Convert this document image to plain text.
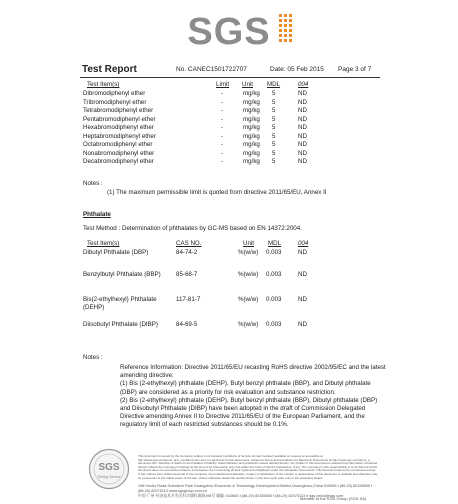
SGS
Test Report	No. CANEC1501722707	Date: 05 Feb 2015 Page 3 of 7
Test Item(s)	Limit Unit MDL	004
Dibromodiphenyl ether	-	mg/kg 5	ND
Tribromodiphenyl ether	-	mg/kg 5	ND
Tetrabromodiphenyl ether	-	mg/kg 5	ND
Pentabromodiphenyl ether	-	mg/kg 5	ND
Hexabromodiphenyl ether	-	mg/kg 5	ND
Heptabromodiphenyl ether	-	mg/kg 5	ND
Octabromodiphenyl ether	-	mg/kg 5	ND
Nonabromodiphenyl ether	-	mg/kg 5	ND
Decabromodiphenyl ether	-	mg/kg 5	ND
Notes :
(1) The maximum permissible limit is quoted from directive 2011/65/EU, Annex II
Phthalate
Test Method : Determination of phthalates by GC-MS based on EN 14372:2004.
Test Item(s)	CAS NO.	Unit MDL	004
Dibutyl Phthalate (DBP)	84-74-2	%(w/w) 0.003	ND
Benzylbutyl Phthalate (BBP) 85-68-7	%(w/w) 0.003	ND
Bis(2-ethylhexyl) Phthalate	117-81-7	%(w/w) 0.003	ND
(DEHP)
Diisobutyl Phthalate (DIBP)	84-69-5	%(w/w) 0.003	ND
Notes :

Reference Information: Directive 2011/65/EU recasting RoHS directive 2002/95/EC and the latest amending directive:

(1) Bis (2-ethylhexyl) phthalate (DEHP), Butyl benzyl phthalate (BBP), and Dibutyl phthalate (DBP) are considered as a priority for risk evaluation and substance restriction.

(2) Bis (2-ethylhexyl) phthalate (DEHP), Butyl benzyl phthalate (BBP), Dibutyl phthalate (DBP) and Diisobutyl Phthalate (DIBP) have been adopted in the draft of Commission Delegated Directive amending Annex II to Directive 2011/65/EU of the European Parliament, and the regulatory limit of each restricted substances should be 0.1%.

SGS
Testing Service
This document is issued by the Company subject to its General Conditions of Service printed overleaf, available on request or accessible at http://www.sgs.com/terms_and_conditions.htm and, for electronic format documents, subject to Terms and Conditions for Electronic Documents at http://www.sgs.com/terms_e-document.htm. Attention is drawn to the limitation of liability, indemnification and jurisdiction issues defined therein. Any holder of this document is advised that information contained hereon reflects the Company's findings at the time of its intervention only and within the limits of Client's instructions, if any. The Company's sole responsibility is to its Client and this document does not exonerate parties to a transaction from exercising all their rights and obligations under the transaction documents. This document cannot be reproduced except in full, without prior written approval of the Company. Any unauthorized alteration, forgery or falsification of the content or appearance of this document is unlawful and offenders may be prosecuted to the fullest extent of the law. Unless otherwise stated the results shown in this test report refer only to the sample(s) tested.
198 Kezhu Road,Scientech Park Guangzhou Economic & Technology Development District,Guangzhou,China 510663 t (86-20) 82155555 f (86-20) 82075113 www.sgsgroup.com.cn
中国·广州·经济技术开发区科学城科珠路198号 邮编: 510663 t (86-20) 82155555 f (86-20) 82075113 e sgs.china@sgs.com
Member of the SGS Group (SGS SA)
